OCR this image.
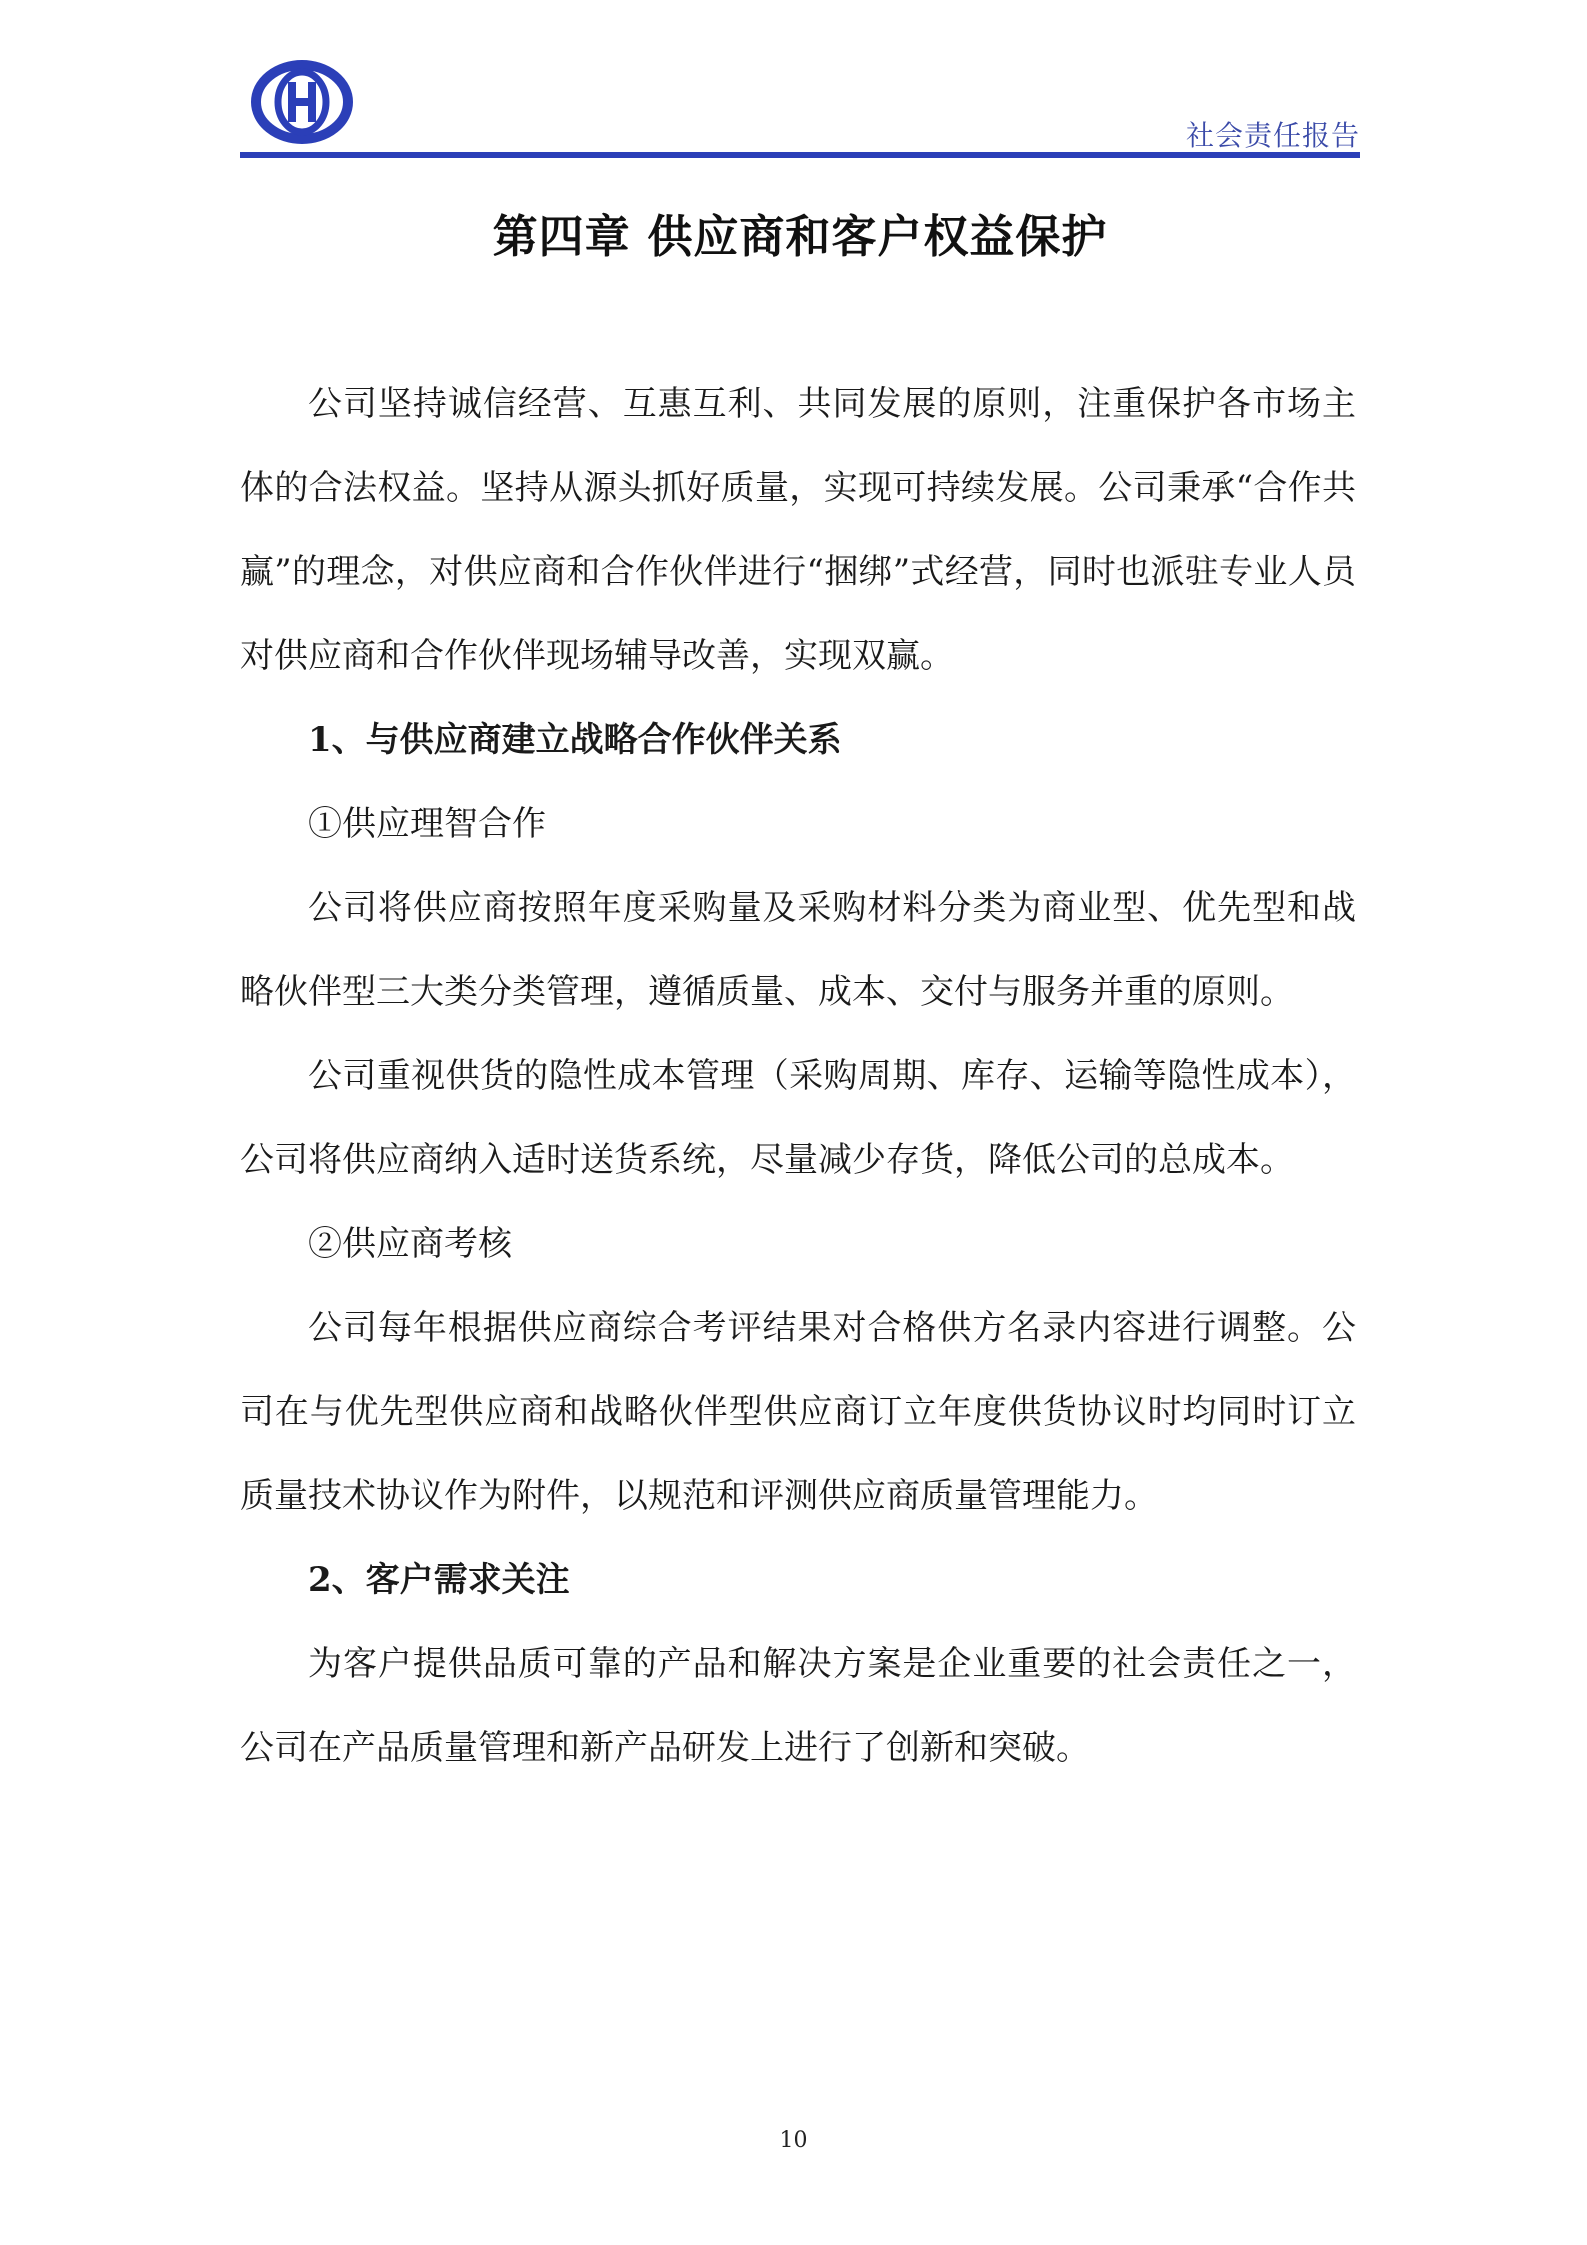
社会责任报告
第四章 供应商和客户权益保护

公司坚持诚信经营、互惠互利、共同发展的原则，注重保护各市场主体的合法权益。坚持从源头抓好质量，实现可持续发展。公司秉承“合作共赢”的理念，对供应商和合作伙伴进行“捆绑”式经营，同时也派驻专业人员对供应商和合作伙伴现场辅导改善，实现双赢。

1、与供应商建立战略合作伙伴关系

①供应理智合作

公司将供应商按照年度采购量及采购材料分类为商业型、优先型和战略伙伴型三大类分类管理，遵循质量、成本、交付与服务并重的原则。

公司重视供货的隐性成本管理（采购周期、库存、运输等隐性成本），公司将供应商纳入适时送货系统，尽量减少存货，降低公司的总成本。

②供应商考核

公司每年根据供应商综合考评结果对合格供方名录内容进行调整。公司在与优先型供应商和战略伙伴型供应商订立年度供货协议时均同时订立质量技术协议作为附件，以规范和评测供应商质量管理能力。

2、客户需求关注

为客户提供品质可靠的产品和解决方案是企业重要的社会责任之一，公司在产品质量管理和新产品研发上进行了创新和突破。

10
